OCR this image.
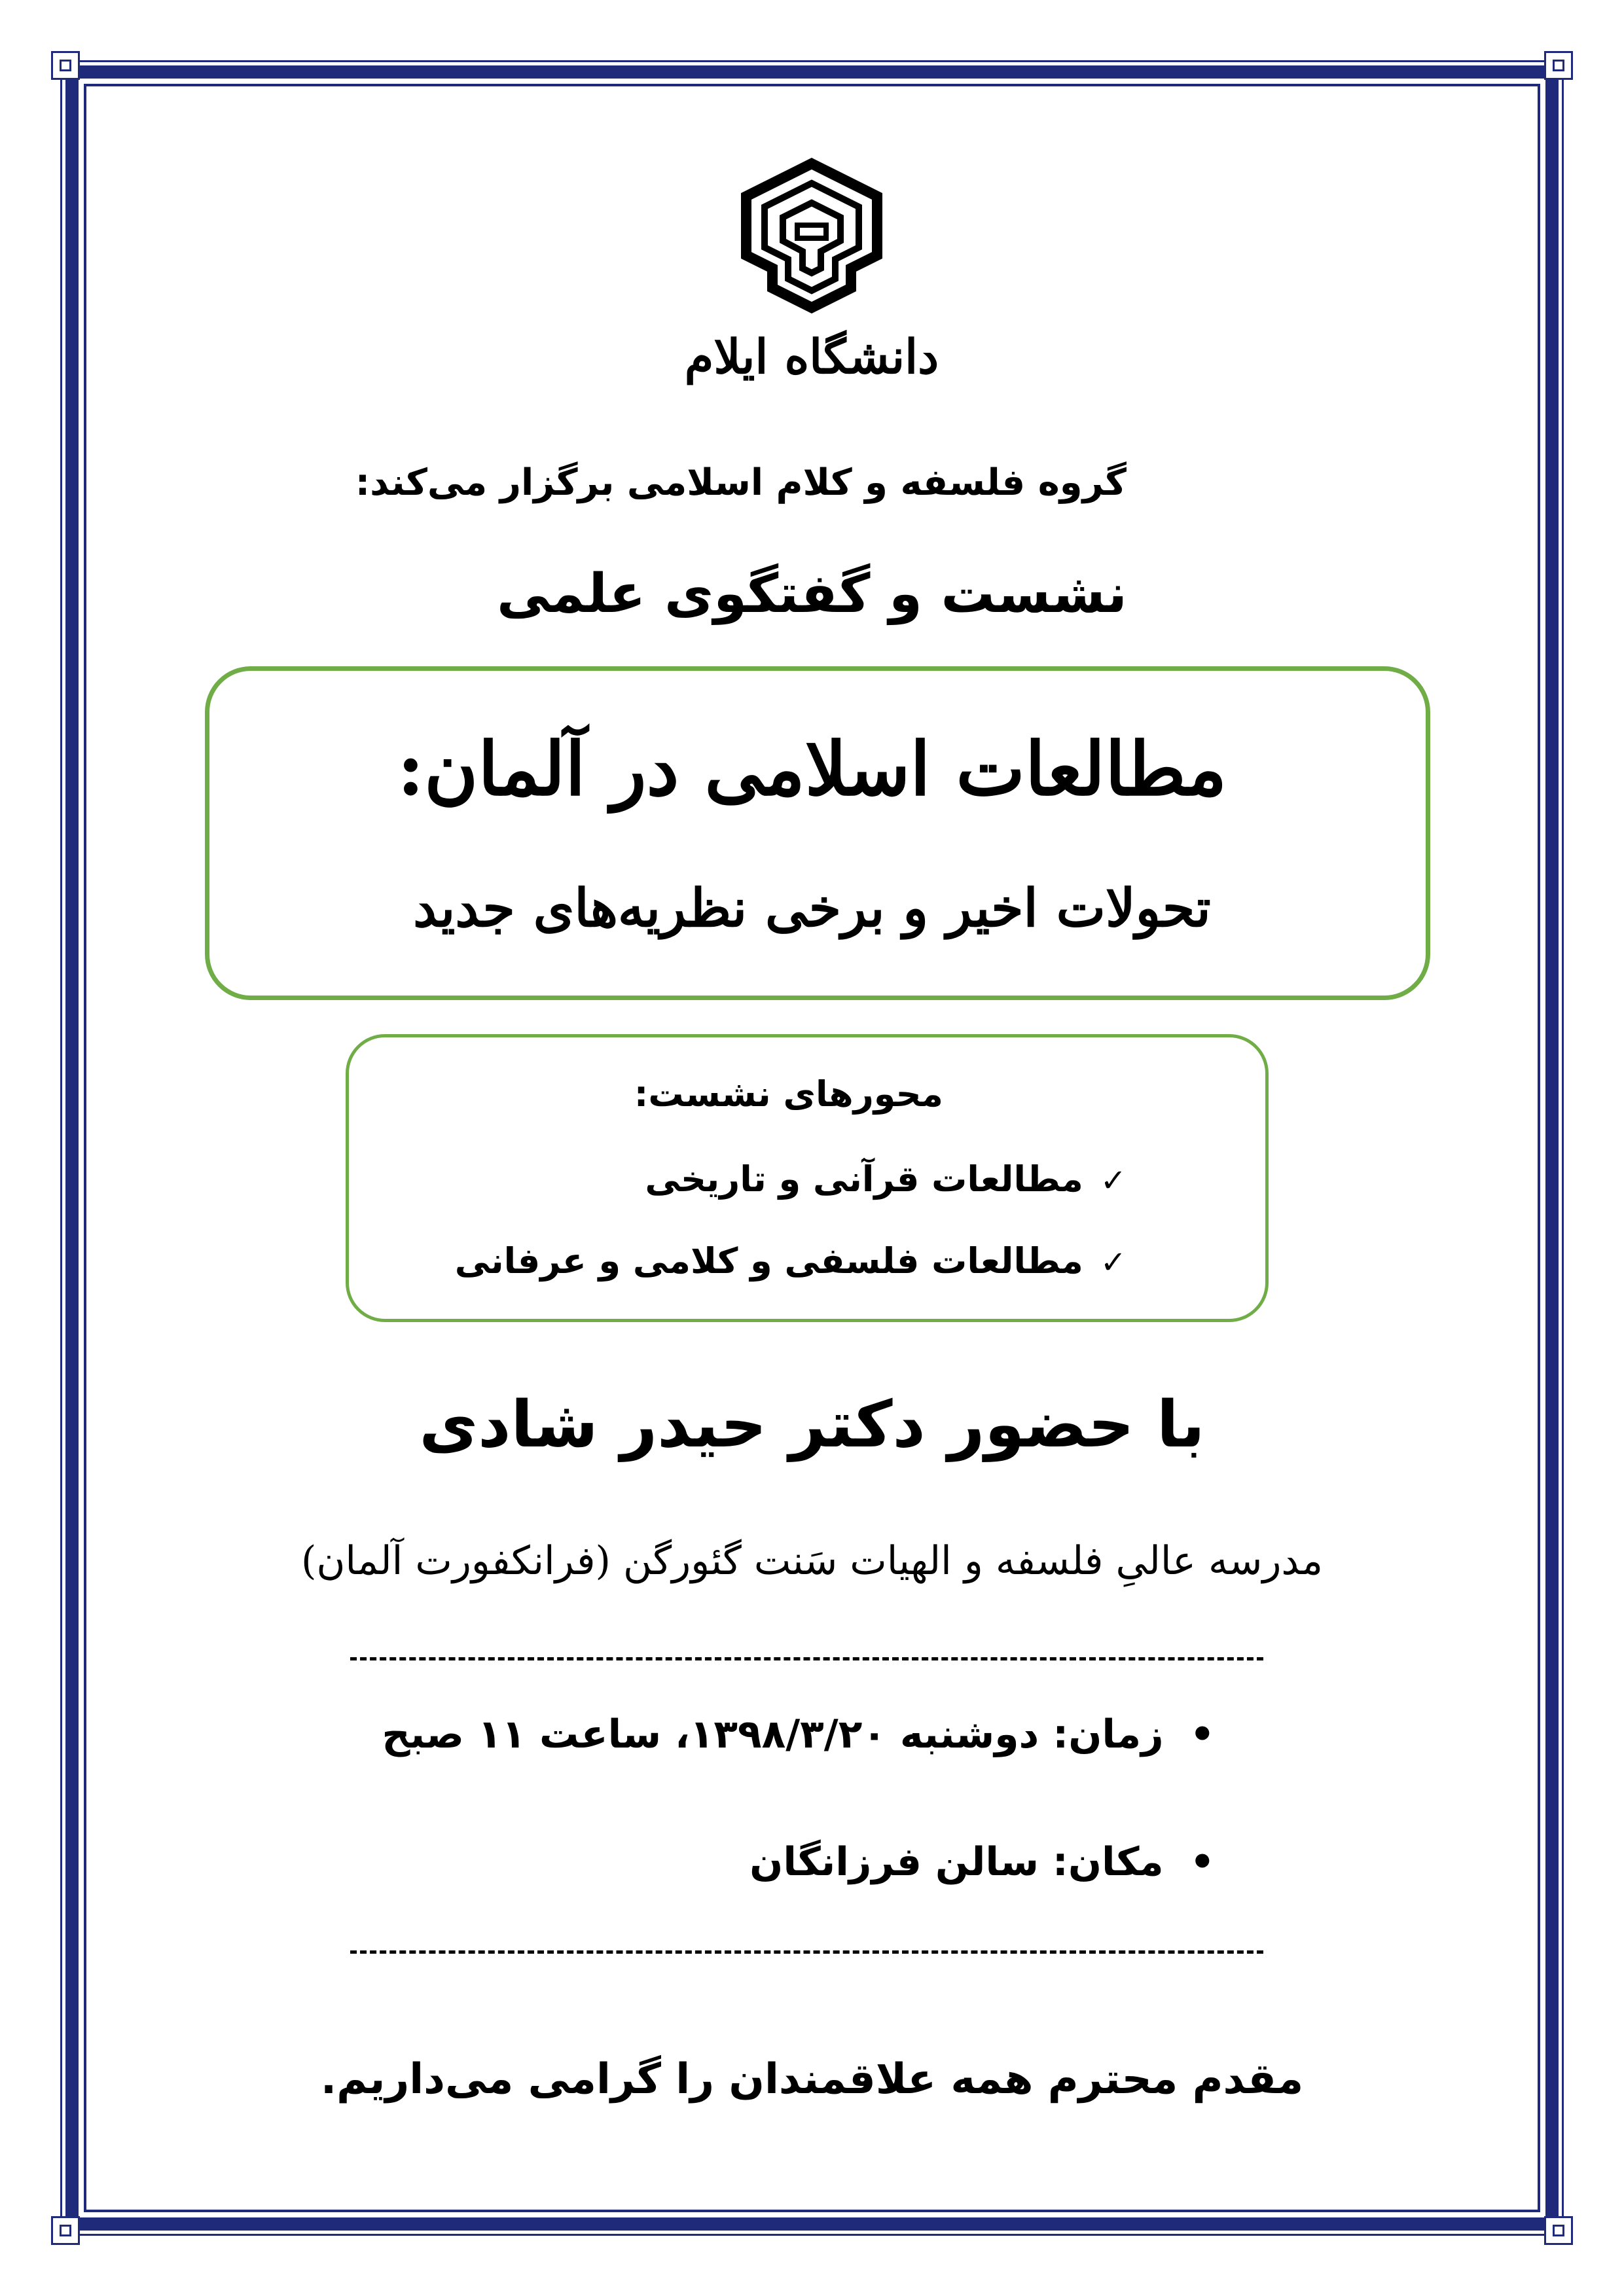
دانشگاه ایلام
گروه فلسفه و کلام اسلامی برگزار می‌کند:
نشست و گفتگوی علمی
مطالعات اسلامی در آلمان:
تحولات اخیر و برخی نظریه‌های جدید
محورهای نشست:
✓مطالعات قرآنی و تاریخی
✓مطالعات فلسفی و کلامی و عرفانی
با حضور دکتر حیدر شادی
مدرسه عالیِ فلسفه و الهیات سَنت گئورگن (فرانکفورت آلمان)
•زمان: دوشنبه ۱۳۹۸/۳/۲۰، ساعت ۱۱ صبح
•مکان: سالن فرزانگان
مقدم محترم همه علاقمندان را گرامی می‌داریم.
